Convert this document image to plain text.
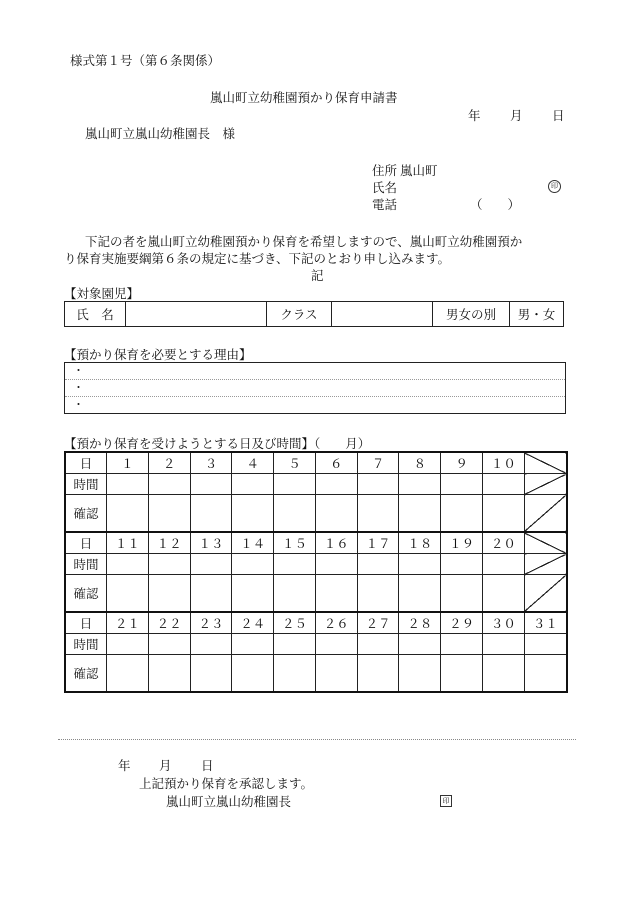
様式第１号（第６条関係）
嵐山町立幼稚園預かり保育申請書
年 月 日
嵐山町立嵐山幼稚園長　様
住所 嵐山町
氏名	印
電話	（　　）
下記の者を嵐山町立幼稚園預かり保育を希望しますので、嵐山町立幼稚園預か
り保育実施要綱第６条の規定に基づき、下記のとおり申し込みます。
記
【対象園児】
氏　名		クラス		男女の別	男・女
【預かり保育を必要とする理由】
・
・
・
【預かり保育を受けようとする日及び時間】（　　月）
日	１	２	３	４	５	６	７	８	９	１０	
時間											
確認											
日	１１	１２	１３	１４	１５	１６	１７	１８	１９	２０	
時間											
確認											
日	２１	２２	２３	２４	２５	２６	２７	２８	２９	３０	３１
時間											
確認											
年 月 日
上記預かり保育を承認します。
嵐山町立嵐山幼稚園長	印
